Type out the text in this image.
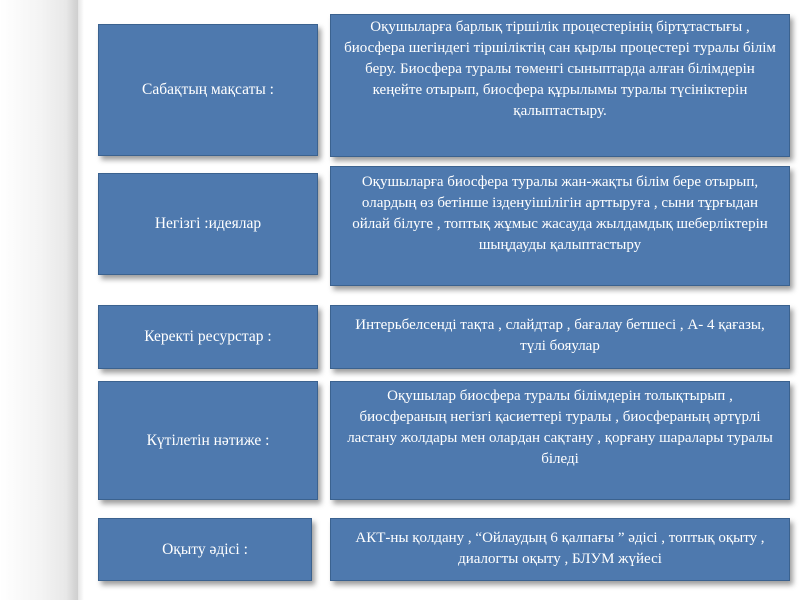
Сабақтың мақсаты :
Оқушыларға барлық тіршілік процестерінің біртұтастығы , биосфера шегіндегі тіршіліктің сан қырлы процестері туралы білім беру. Биосфера туралы төменгі сыныптарда алған білімдерін кеңейте отырып, биосфера құрылымы туралы түсініктерін қалыптастыру.
Негізгі :идеялар
Оқушыларға биосфера туралы жан-жақты білім бере отырып, олардың өз бетінше ізденуішілігін арттыруға , сыни тұрғыдан ойлай білуге , топтық жұмыс жасауда жылдамдық шеберліктерін шыңдауды қалыптастыру
Керекті ресурстар :
Интерьбелсенді тақта , слайдтар , бағалау бетшесі , А- 4 қағазы, түлі бояулар
Күтілетін нәтиже :
Оқушылар биосфера туралы білімдерін толықтырып , биосфераның негізгі қасиеттері туралы , биосфераның әртүрлі ластану жолдары мен олардан сақтану , қорғану шаралары туралы біледі
Оқыту әдісі :
АКТ-ны қолдану , “Ойлаудың 6 қалпағы ” әдісі , топтық оқыту , диалогты оқыту , БЛУМ жүйесі
